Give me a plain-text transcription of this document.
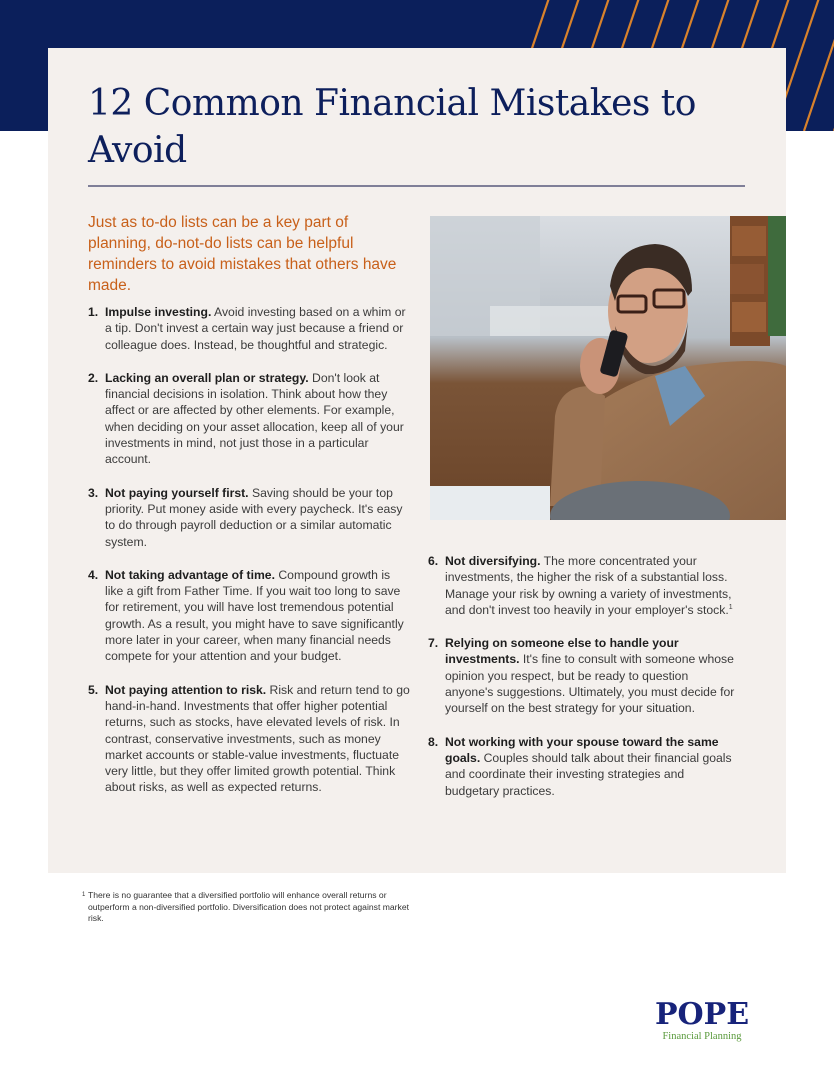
12 Common Financial Mistakes to Avoid

Just as to-do lists can be a key part of planning, do-not-do lists can be helpful reminders to avoid mistakes that others have made.

1. Impulse investing. Avoid investing based on a whim or a tip. Don't invest a certain way just because a friend or colleague does. Instead, be thoughtful and strategic.
2. Lacking an overall plan or strategy. Don't look at financial decisions in isolation. Think about how they affect or are affected by other elements. For example, when deciding on your asset allocation, keep all of your investments in mind, not just those in a particular account.
3. Not paying yourself first. Saving should be your top priority. Put money aside with every paycheck. It's easy to do through payroll deduction or a similar automatic system.
4. Not taking advantage of time. Compound growth is like a gift from Father Time. If you wait too long to save for retirement, you will have lost tremendous potential growth. As a result, you might have to save significantly more later in your career, when many financial needs compete for your attention and your budget.
5. Not paying attention to risk. Risk and return tend to go hand-in-hand. Investments that offer higher potential returns, such as stocks, have elevated levels of risk. In contrast, conservative investments, such as money market accounts or stable-value investments, fluctuate very little, but they offer limited growth potential. Think about risks, as well as expected returns.
6. Not diversifying. The more concentrated your investments, the higher the risk of a substantial loss. Manage your risk by owning a variety of investments, and don't invest too heavily in your employer's stock.$^1$
7. Relying on someone else to handle your investments. It's fine to consult with someone whose opinion you respect, but be ready to question anyone's suggestions. Ultimately, you must decide for yourself on the best strategy for your situation.
8. Not working with your spouse toward the same goals. Couples should talk about their financial goals and coordinate their investing strategies and budgetary practices.
1 There is no guarantee that a diversified portfolio will enhance overall returns or outperform a non-diversified portfolio. Diversification does not protect against market risk.
POPE
Financial Planning
